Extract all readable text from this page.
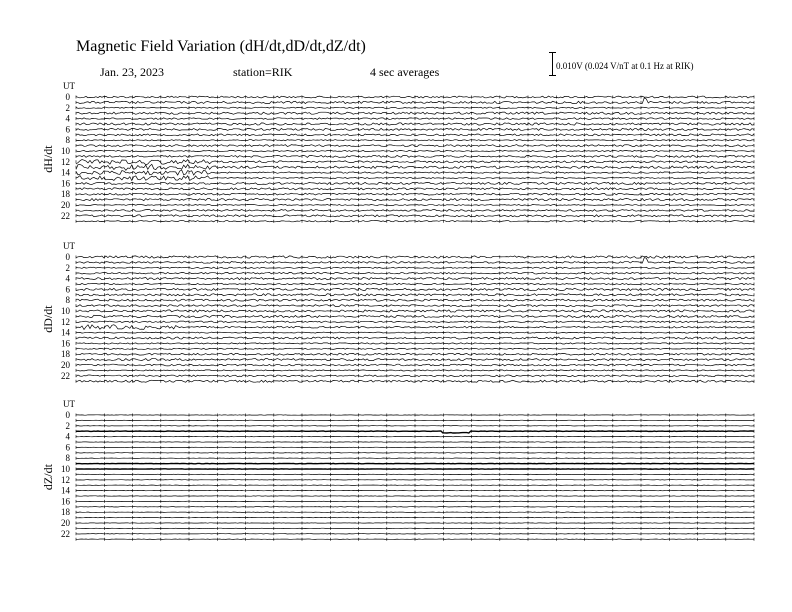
Magnetic Field Variation (dH/dt,dD/dt,dZ/dt)
Jan. 23, 2023	station=RIK	4 sec averages	0.010V (0.024 V/nT at 0.1 Hz at RIK)
UT
dH/dt
0
2
4
6
8
10
12
14
16
18
20
22
UT
dD/dt
0
2
4
6
8
10
12
14
16
18
20
22
UT
dZ/dt
0
2
4
6
8
10
12
14
16
18
20
22
